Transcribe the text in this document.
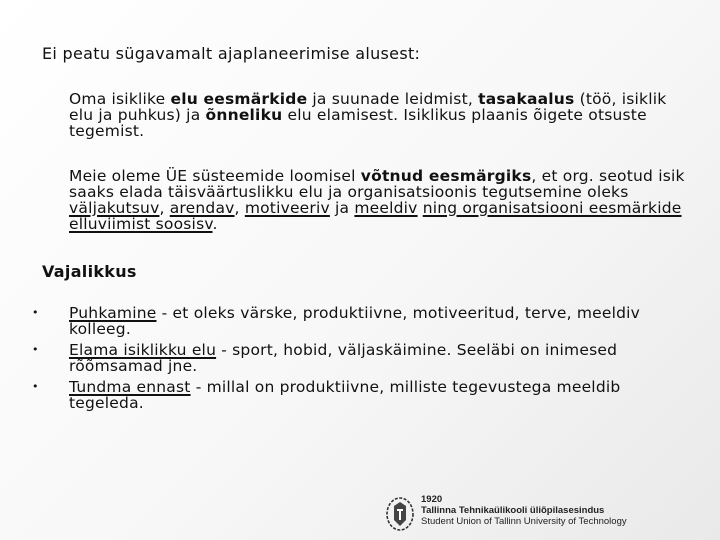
Ei peatu sügavamalt ajaplaneerimise alusest:
Oma isiklike elu eesmärkide ja suunade leidmist, tasakaalus (töö, isiklik elu ja puhkus) ja õnneliku elu elamisest. Isiklikus plaanis õigete otsuste tegemist.
Meie oleme ÜE süsteemide loomisel võtnud eesmärgiks, et org. seotud isik saaks elada täisväärtuslikku elu ja organisatsioonis tegutsemine oleks väljakutsuv, arendav, motiveeriv ja meeldiv ning organisatsiooni eesmärkide elluviimist soosisv.
Vajalikkus
• Puhkamine - et oleks värske, produktiivne, motiveeritud, terve, meeldiv kolleeg.
• Elama isiklikku elu - sport, hobid, väljaskäimine. Seeläbi on inimesed rõõmsamad jne.
• Tundma ennast - millal on produktiivne, milliste tegevustega meeldib tegeleda.
1920
Tallinna Tehnikaülikooli üliõpilasesindus
Student Union of Tallinn University of Technology
